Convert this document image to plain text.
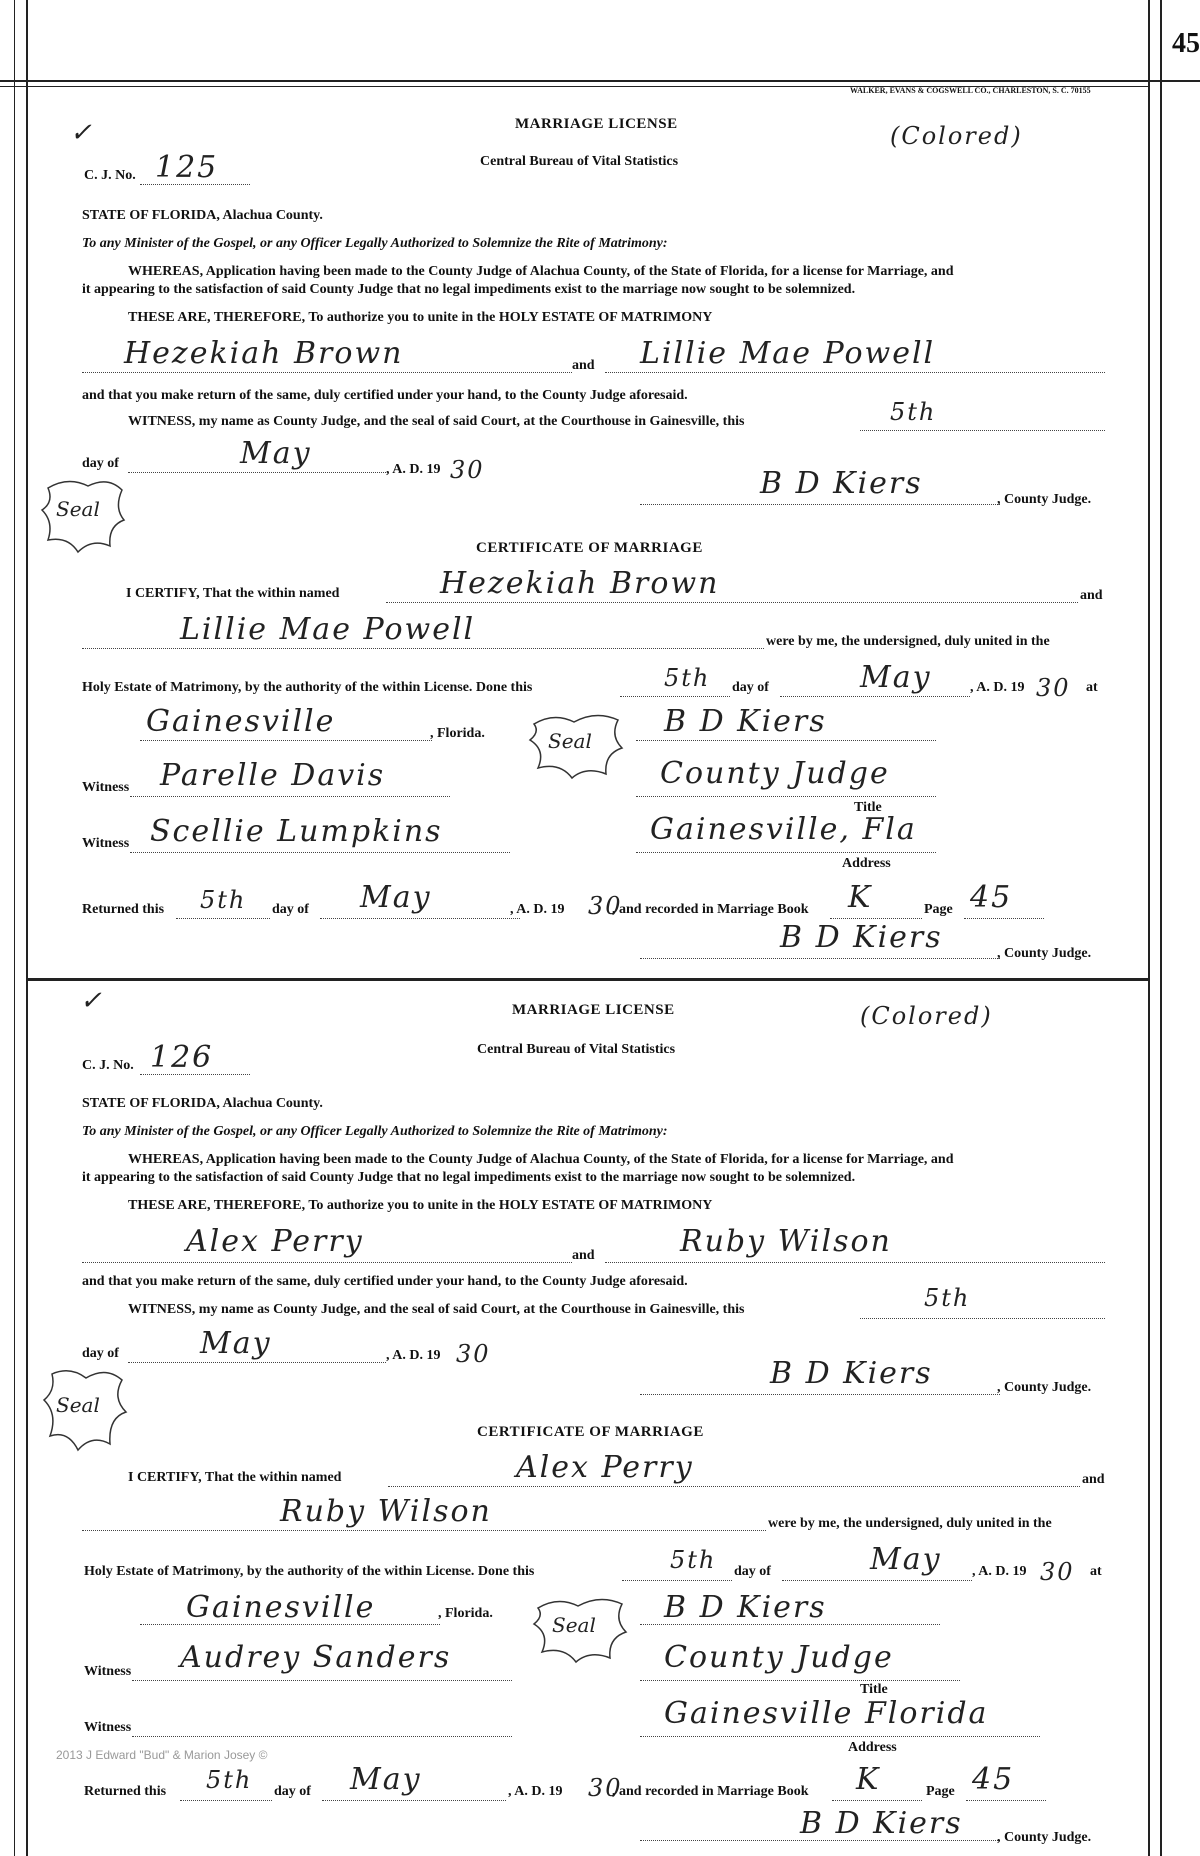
45
WALKER, EVANS & COGSWELL CO., CHARLESTON, S. C. 70155
✓	MARRIAGE LICENSE	(Colored)
Central Bureau of Vital Statistics
C. J. No. 125
STATE OF FLORIDA, Alachua County.
To any Minister of the Gospel, or any Officer Legally Authorized to Solemnize the Rite of Matrimony:
WHEREAS, Application having been made to the County Judge of Alachua County, of the State of Florida, for a license for Marriage, and
it appearing to the satisfaction of said County Judge that no legal impediments exist to the marriage now sought to be solemnized.
THESE ARE, THEREFORE, To authorize you to unite in the HOLY ESTATE OF MATRIMONY
Hezekiah Brown	and Lillie Mae Powell
and that you make return of the same, duly certified under your hand, to the County Judge aforesaid.
WITNESS, my name as County Judge, and the seal of said Court, at the Courthouse in Gainesville, this	5th
day of	May	, A. D. 19 30
Seal
B D Kiers	, County Judge.
CERTIFICATE OF MARRIAGE
I CERTIFY, That the within named	Hezekiah Brown	and
Lillie Mae Powell	were by me, the undersigned, duly united in the
Holy Estate of Matrimony, by the authority of the within License. Done this	5th day of	May	, A. D. 19 30 at
Gainesville	, Florida.	Seal
B D Kiers
Witness Parelle Davis	County Judge
Title
Witness Scellie Lumpkins	Gainesville, Fla
Address
Returned this 5th day of May	, A. D. 19 30
, and recorded in Marriage Book K	Page 45
B D Kiers	, County Judge.
✓	MARRIAGE LICENSE	(Colored)
Central Bureau of Vital Statistics
C. J. No. 126
STATE OF FLORIDA, Alachua County.
To any Minister of the Gospel, or any Officer Legally Authorized to Solemnize the Rite of Matrimony:
WHEREAS, Application having been made to the County Judge of Alachua County, of the State of Florida, for a license for Marriage, and
it appearing to the satisfaction of said County Judge that no legal impediments exist to the marriage now sought to be solemnized.
THESE ARE, THEREFORE, To authorize you to unite in the HOLY ESTATE OF MATRIMONY
Alex Perry	and	Ruby Wilson
and that you make return of the same, duly certified under your hand, to the County Judge aforesaid.
WITNESS, my name as County Judge, and the seal of said Court, at the Courthouse in Gainesville, this	5th
day of	May	, A. D. 19 30
Seal
B D Kiers	, County Judge.
CERTIFICATE OF MARRIAGE
I CERTIFY, That the within named	Alex Perry	and
Ruby Wilson	were by me, the undersigned, duly united in the
Holy Estate of Matrimony, by the authority of the within License. Done this	5th day of	May , A. D. 19 30 at
Gainesville	, Florida.	Seal B D Kiers
Witness Audrey Sanders	County Judge
Title
Witness	Gainesville Florida
Address
2013 J Edward "Bud" & Marion Josey ©
Returned this 5th day of May	, A. D. 19 30
, and recorded in Marriage Book K	Page 45
B D Kiers , County Judge.
